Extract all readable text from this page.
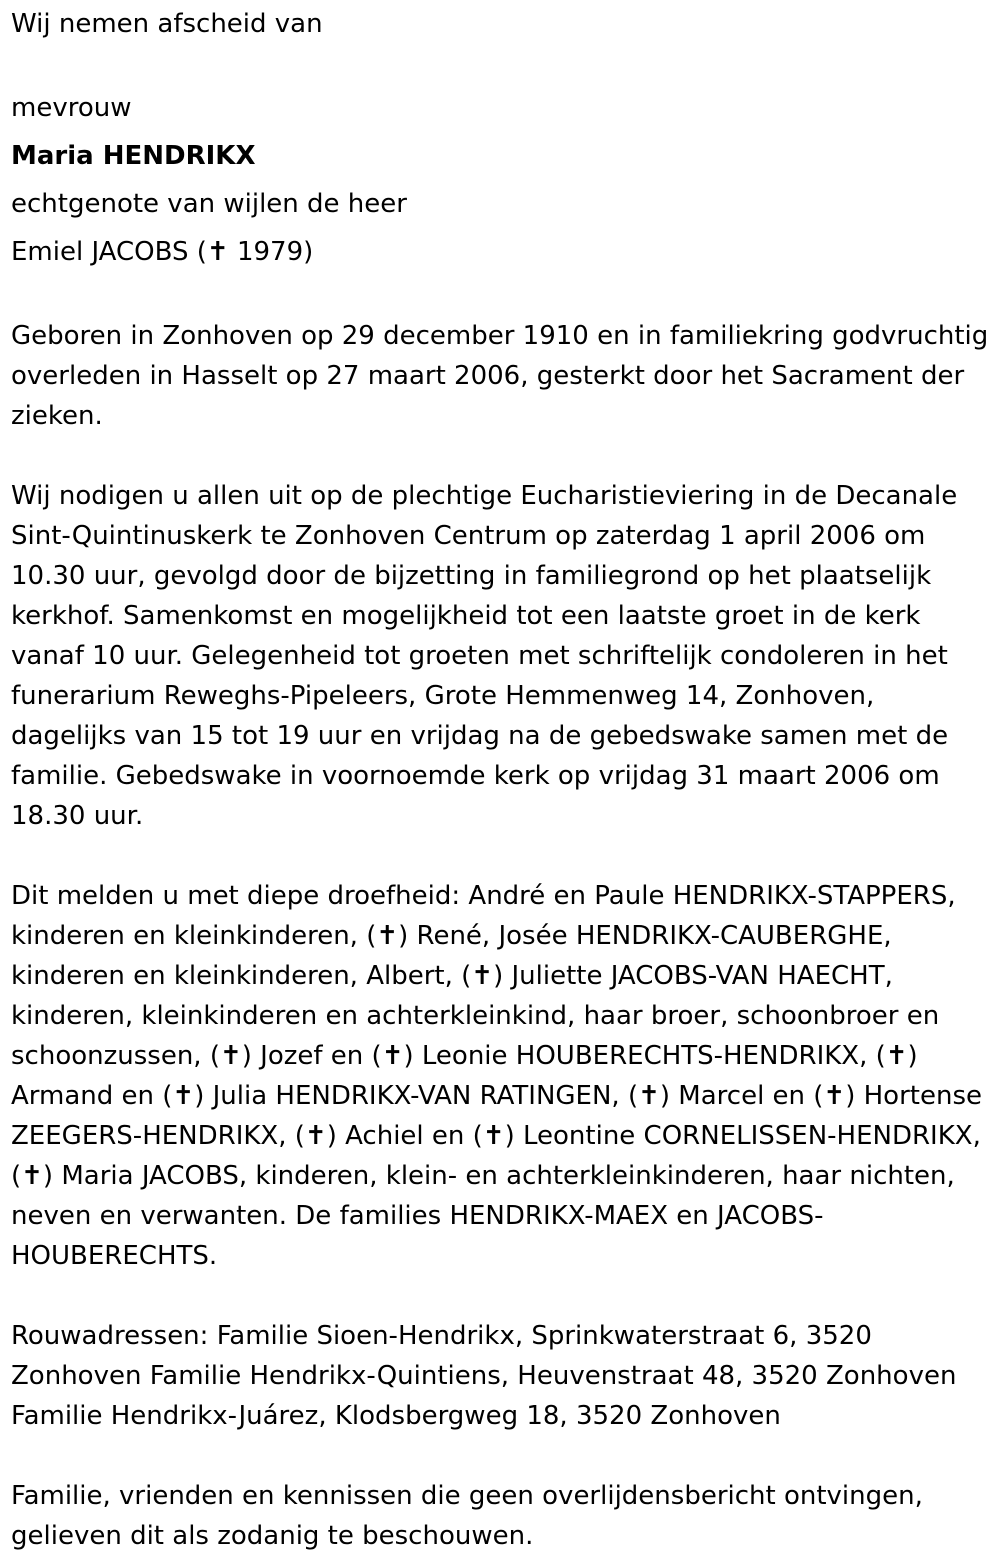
Wij nemen afscheid van

mevrouw

Maria HENDRIKX

echtgenote van wijlen de heer

Emiel JACOBS (✝ 1979)

Geboren in Zonhoven op 29 december 1910 en in familiekring godvruchtig overleden in Hasselt op 27 maart 2006, gesterkt door het Sacrament der zieken.

Wij nodigen u allen uit op de plechtige Eucharistieviering in de Decanale Sint-Quintinuskerk te Zonhoven Centrum op zaterdag 1 april 2006 om 10.30 uur, gevolgd door de bijzetting in familiegrond op het plaatselijk kerkhof. Samenkomst en mogelijkheid tot een laatste groet in de kerk vanaf 10 uur. Gelegenheid tot groeten met schriftelijk condoleren in het funerarium Reweghs-Pipeleers, Grote Hemmenweg 14, Zonhoven, dagelijks van 15 tot 19 uur en vrijdag na de gebedswake samen met de familie. Gebedswake in voornoemde kerk op vrijdag 31 maart 2006 om 18.30 uur.

Dit melden u met diepe droefheid: André en Paule HENDRIKX-STAPPERS, kinderen en kleinkinderen, (✝) René, Josée HENDRIKX-CAUBERGHE, kinderen en kleinkinderen, Albert, (✝) Juliette JACOBS-VAN HAECHT, kinderen, kleinkinderen en achterkleinkind, haar broer, schoonbroer en schoonzussen, (✝) Jozef en (✝) Leonie HOUBERECHTS-HENDRIKX, (✝) Armand en (✝) Julia HENDRIKX-VAN RATINGEN, (✝) Marcel en (✝) Hortense ZEEGERS-HENDRIKX, (✝) Achiel en (✝) Leontine CORNELISSEN-HENDRIKX, (✝) Maria JACOBS, kinderen, klein- en achterkleinkinderen, haar nichten, neven en verwanten. De families HENDRIKX-MAEX en JACOBS-HOUBERECHTS.

Rouwadressen: Familie Sioen-Hendrikx, Sprinkwaterstraat 6, 3520 Zonhoven Familie Hendrikx-Quintiens, Heuvenstraat 48, 3520 Zonhoven Familie Hendrikx-Juárez, Klodsbergweg 18, 3520 Zonhoven

Familie, vrienden en kennissen die geen overlijdensbericht ontvingen, gelieven dit als zodanig te beschouwen.
